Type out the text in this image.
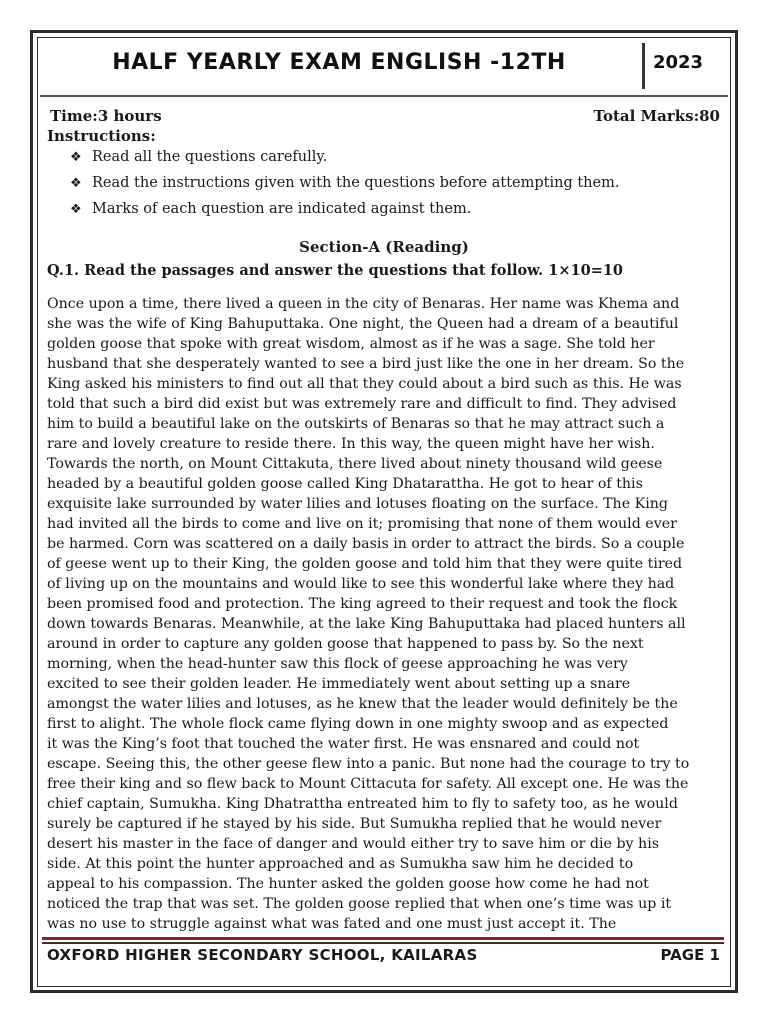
HALF YEARLY EXAM ENGLISH -12TH	2023
Time:3 hours	Total Marks:80
Instructions:
❖ Read all the questions carefully.
❖ Read the instructions given with the questions before attempting them.
❖ Marks of each question are indicated against them.
Section-A (Reading)
Q.1. Read the passages and answer the questions that follow. 1×10=10

Once upon a time, there lived a queen in the city of Benaras. Her name was Khema and
she was the wife of King Bahuputtaka. One night, the Queen had a dream of a beautiful
golden goose that spoke with great wisdom, almost as if he was a sage. She told her
husband that she desperately wanted to see a bird just like the one in her dream. So the
King asked his ministers to find out all that they could about a bird such as this. He was
told that such a bird did exist but was extremely rare and difficult to find. They advised
him to build a beautiful lake on the outskirts of Benaras so that he may attract such a
rare and lovely creature to reside there. In this way, the queen might have her wish.
Towards the north, on Mount Cittakuta, there lived about ninety thousand wild geese
headed by a beautiful golden goose called King Dhatarattha. He got to hear of this
exquisite lake surrounded by water lilies and lotuses floating on the surface. The King
had invited all the birds to come and live on it; promising that none of them would ever
be harmed. Corn was scattered on a daily basis in order to attract the birds. So a couple
of geese went up to their King, the golden goose and told him that they were quite tired
of living up on the mountains and would like to see this wonderful lake where they had
been promised food and protection. The king agreed to their request and took the flock
down towards Benaras. Meanwhile, at the lake King Bahuputtaka had placed hunters all
around in order to capture any golden goose that happened to pass by. So the next
morning, when the head-hunter saw this flock of geese approaching he was very
excited to see their golden leader. He immediately went about setting up a snare
amongst the water lilies and lotuses, as he knew that the leader would definitely be the
first to alight. The whole flock came flying down in one mighty swoop and as expected
it was the King’s foot that touched the water first. He was ensnared and could not
escape. Seeing this, the other geese flew into a panic. But none had the courage to try to
free their king and so flew back to Mount Cittacuta for safety. All except one. He was the
chief captain, Sumukha. King Dhatrattha entreated him to fly to safety too, as he would
surely be captured if he stayed by his side. But Sumukha replied that he would never
desert his master in the face of danger and would either try to save him or die by his
side. At this point the hunter approached and as Sumukha saw him he decided to
appeal to his compassion. The hunter asked the golden goose how come he had not
noticed the trap that was set. The golden goose replied that when one’s time was up it
was no use to struggle against what was fated and one must just accept it. The

OXFORD HIGHER SECONDARY SCHOOL, KAILARAS	PAGE 1
